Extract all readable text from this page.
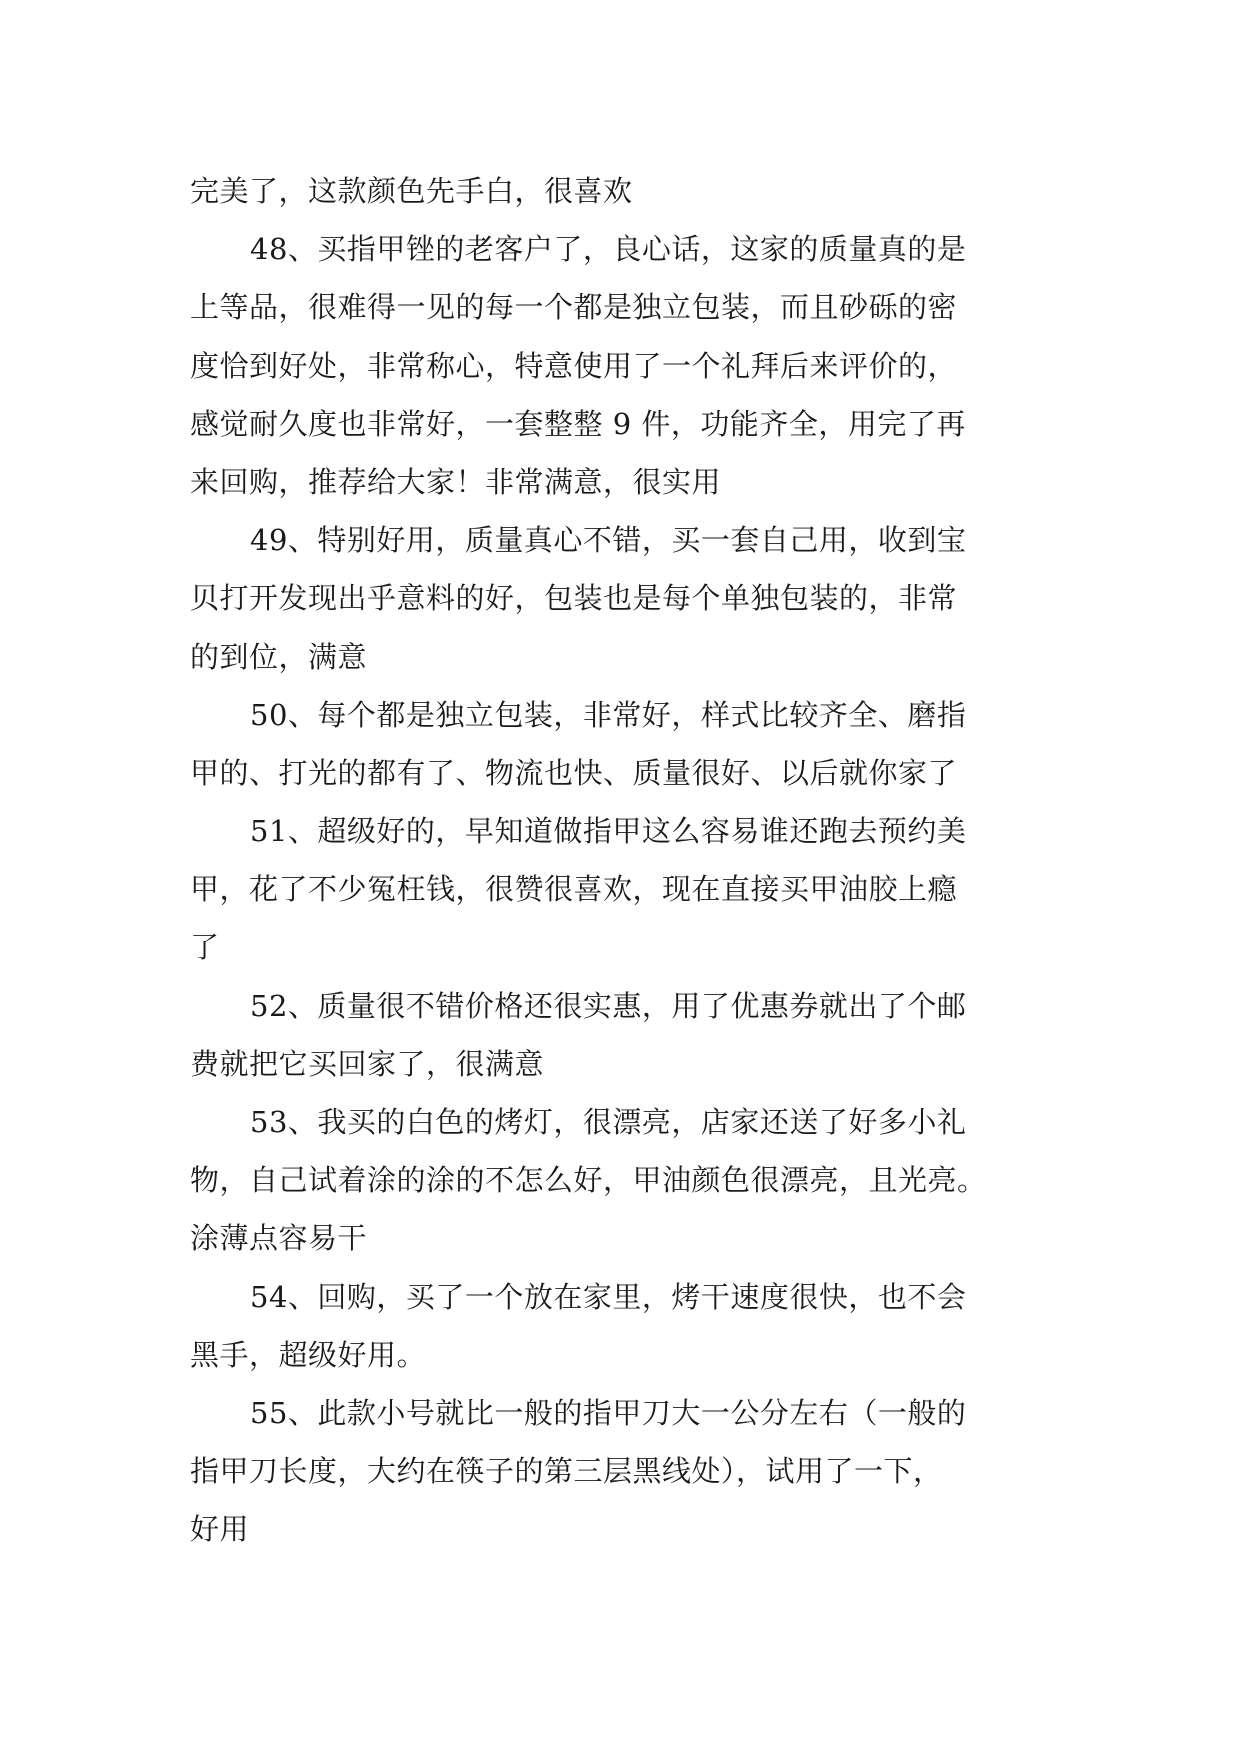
完美了，这款颜色先手白，很喜欢
48、买指甲锉的老客户了，良心话，这家的质量真的是
上等品，很难得一见的每一个都是独立包装，而且砂砾的密
度恰到好处，非常称心，特意使用了一个礼拜后来评价的，
感觉耐久度也非常好，一套整整 9 件，功能齐全，用完了再
来回购，推荐给大家！非常满意，很实用
49、特别好用，质量真心不错，买一套自己用，收到宝
贝打开发现出乎意料的好，包装也是每个单独包装的，非常
的到位，满意
50、每个都是独立包装，非常好，样式比较齐全、磨指
甲的、打光的都有了、物流也快、质量很好、以后就你家了
51、超级好的，早知道做指甲这么容易谁还跑去预约美
甲，花了不少冤枉钱，很赞很喜欢，现在直接买甲油胶上瘾
了
52、质量很不错价格还很实惠，用了优惠券就出了个邮
费就把它买回家了，很满意
53、我买的白色的烤灯，很漂亮，店家还送了好多小礼
物，自己试着涂的涂的不怎么好，甲油颜色很漂亮，且光亮。
涂薄点容易干
54、回购，买了一个放在家里，烤干速度很快，也不会
黑手，超级好用。
55、此款小号就比一般的指甲刀大一公分左右（一般的
指甲刀长度，大约在筷子的第三层黑线处），试用了一下，
好用
